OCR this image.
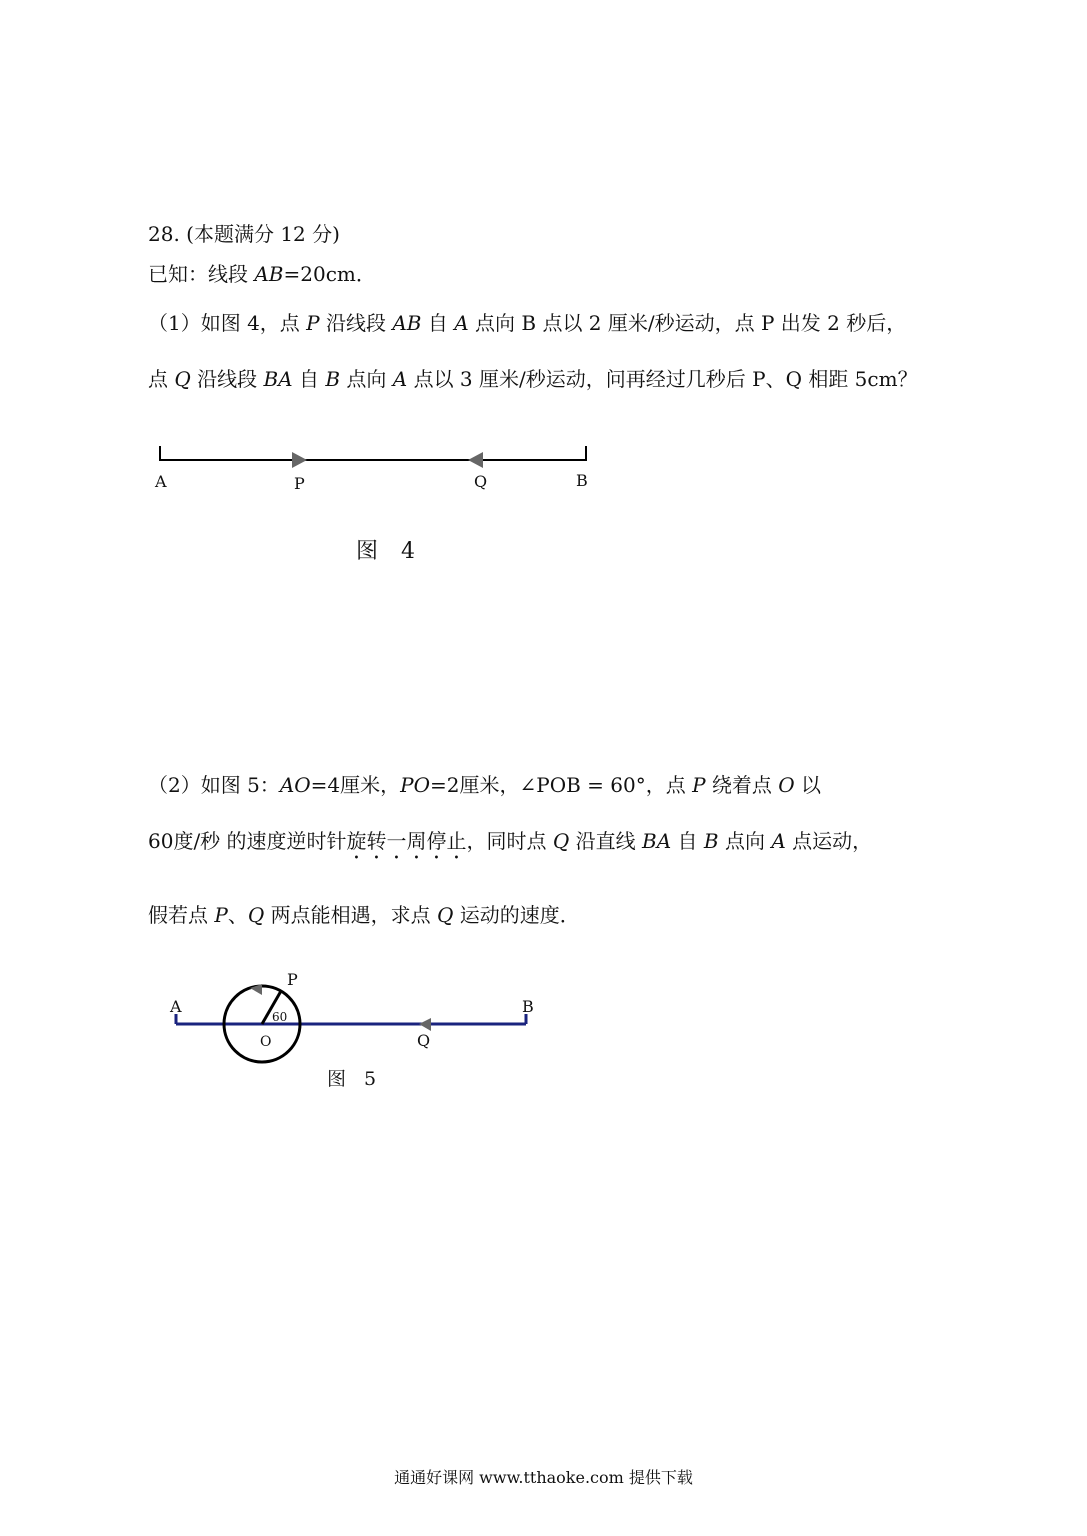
28. (本题满分 12 分)
已知：线段 AB=20cm．
（1）如图 4，点 P 沿线段 AB 自 A 点向 B 点以 2 厘米/秒运动，点 P 出发 2 秒后，
点 Q 沿线段 BA 自 B 点向 A 点以 3 厘米/秒运动，问再经过几秒后 P、Q 相距 5cm？
A	P	Q	B
图 4
（2）如图 5：AO=4厘米，PO=2厘米，∠POB = 60°，点 P 绕着点 O 以
60度/秒 的速度逆时针旋转一周停止，同时点 Q 沿直线 BA 自 B 点向 A 点运动，
假若点 P、Q 两点能相遇，求点 Q 运动的速度．
A
P
60
B
O	Q
图 5
通通好课网 www.tthaoke.com 提供下载
